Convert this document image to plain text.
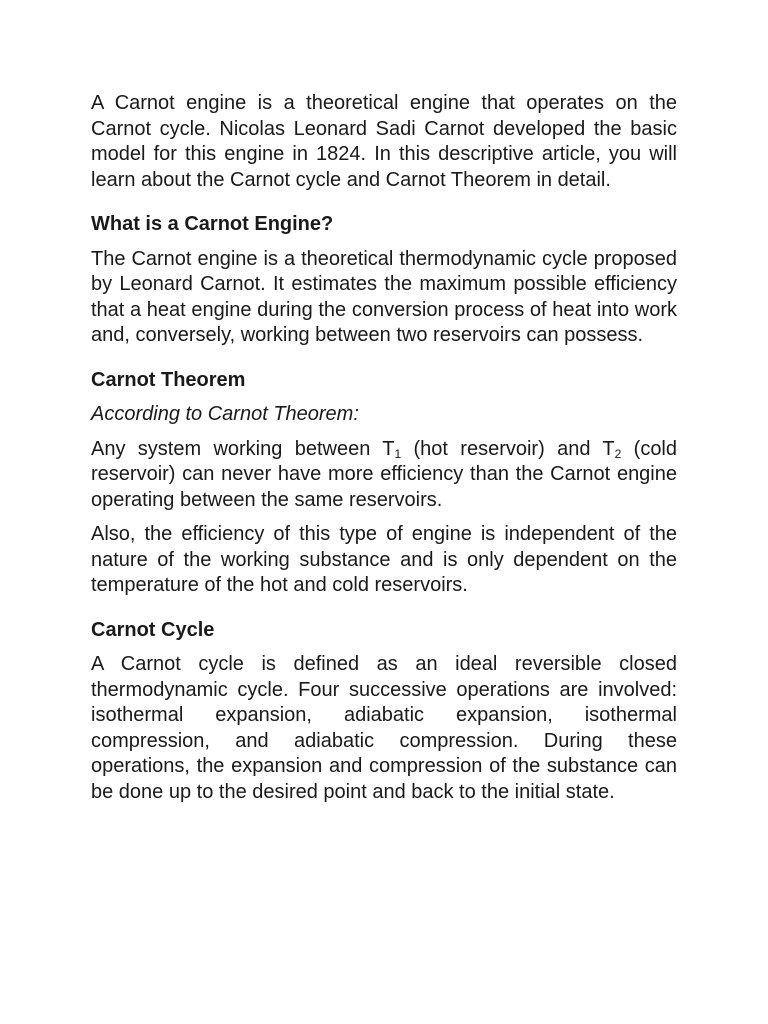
A Carnot engine is a theoretical engine that operates on the Carnot cycle. Nicolas Leonard Sadi Carnot developed the basic model for this engine in 1824. In this descriptive article, you will learn about the Carnot cycle and Carnot Theorem in detail.

What is a Carnot Engine?

The Carnot engine is a theoretical thermodynamic cycle proposed by Leonard Carnot. It estimates the maximum possible efficiency that a heat engine during the conversion process of heat into work and, conversely, working between two reservoirs can possess.

Carnot Theorem

According to Carnot Theorem:

Any system working between $T_1$ (hot reservoir) and $T_2$ (cold reservoir) can never have more efficiency than the Carnot engine operating between the same reservoirs.

Also, the efficiency of this type of engine is independent of the nature of the working substance and is only dependent on the temperature of the hot and cold reservoirs.

Carnot Cycle

A Carnot cycle is defined as an ideal reversible closed thermodynamic cycle. Four successive operations are involved: isothermal expansion, adiabatic expansion, isothermal compression, and adiabatic compression. During these operations, the expansion and compression of the substance can be done up to the desired point and back to the initial state.
